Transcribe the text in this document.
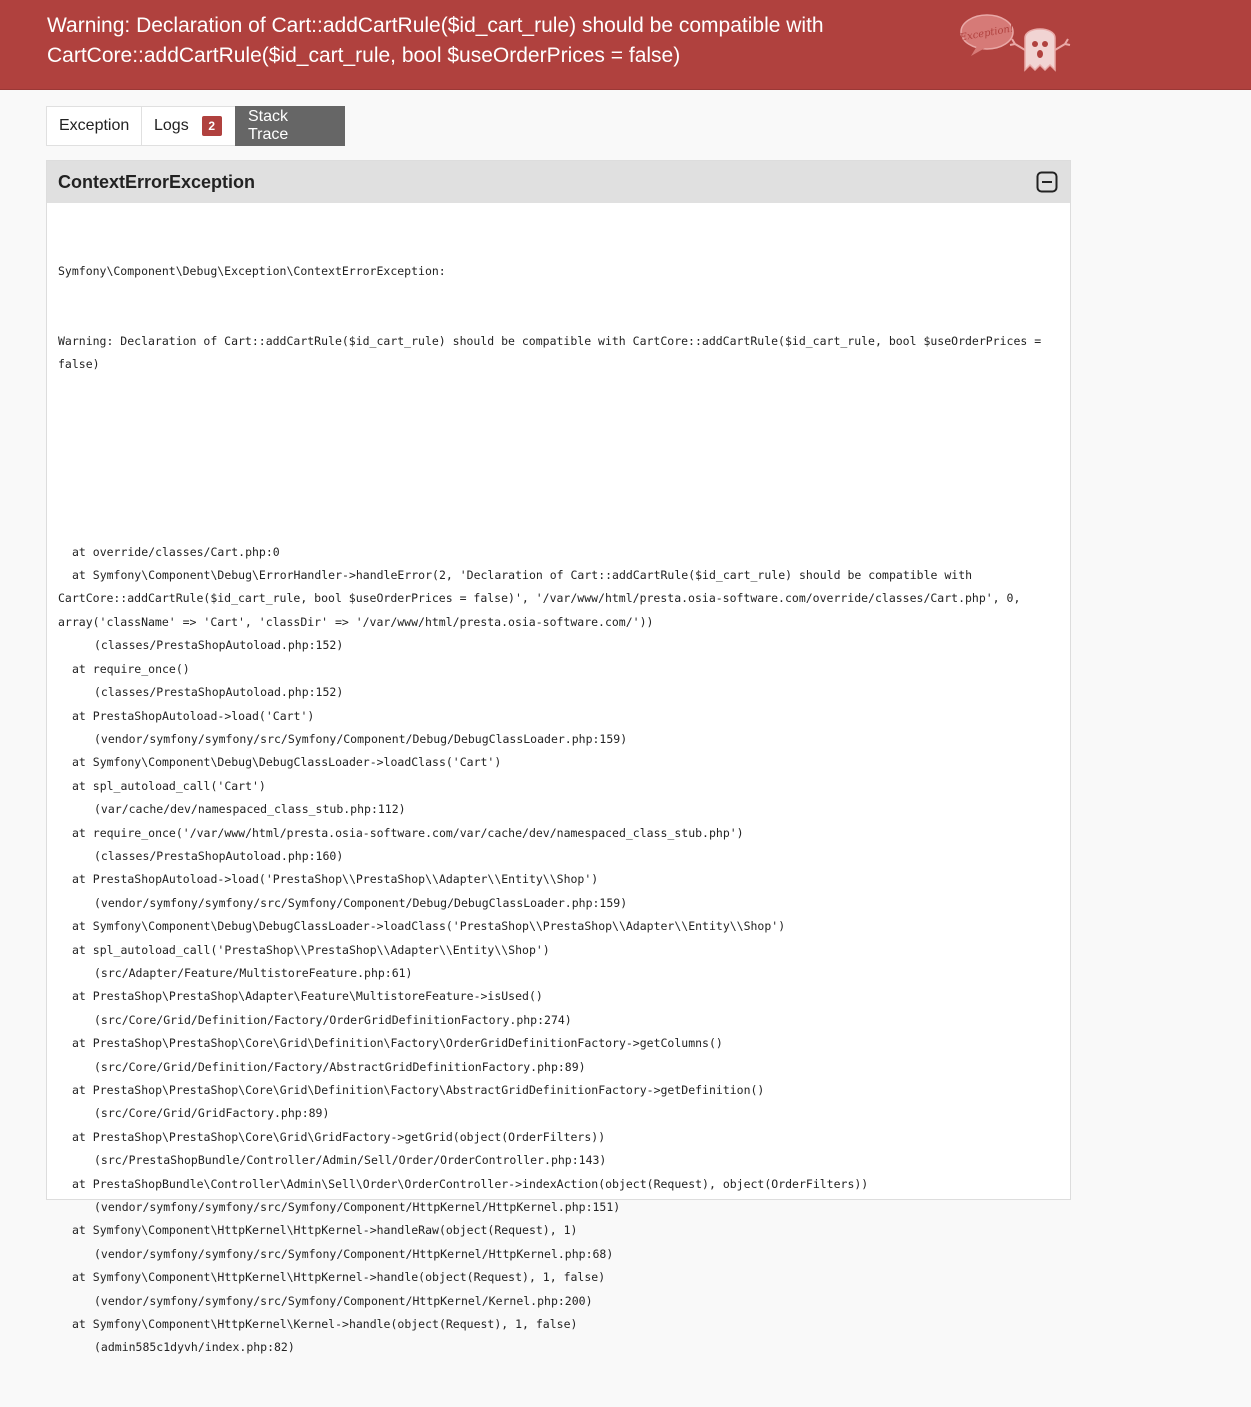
Warning: Declaration of Cart::addCartRule($id_cart_rule) should be compatible with CartCore::addCartRule($id_cart_rule, bool $useOrderPrices = false)
Exception!
Exception Logs	2
Stack Trace
ContextErrorException

Symfony\Component\Debug\Exception\ContextErrorException:

Warning: Declaration of Cart::addCartRule($id_cart_rule) should be compatible with CartCore::addCartRule($id_cart_rule, bool $useOrderPrices = false)

at override/classes/Cart.php:0
at Symfony\Component\Debug\ErrorHandler->handleError(2, 'Declaration of Cart::addCartRule($id_cart_rule) should be compatible with CartCore::addCartRule($id_cart_rule, bool $useOrderPrices = false)', '/var/www/html/presta.osia-software.com/override/classes/Cart.php', 0, array('className' => 'Cart', 'classDir' => '/var/www/html/presta.osia-software.com/'))
(classes/PrestaShopAutoload.php:152)
at require_once()
(classes/PrestaShopAutoload.php:152)
at PrestaShopAutoload->load('Cart')
(vendor/symfony/symfony/src/Symfony/Component/Debug/DebugClassLoader.php:159)
at Symfony\Component\Debug\DebugClassLoader->loadClass('Cart')
at spl_autoload_call('Cart')
(var/cache/dev/namespaced_class_stub.php:112)
at require_once('/var/www/html/presta.osia-software.com/var/cache/dev/namespaced_class_stub.php')
(classes/PrestaShopAutoload.php:160)
at PrestaShopAutoload->load('PrestaShop\\PrestaShop\\Adapter\\Entity\\Shop')
(vendor/symfony/symfony/src/Symfony/Component/Debug/DebugClassLoader.php:159)
at Symfony\Component\Debug\DebugClassLoader->loadClass('PrestaShop\\PrestaShop\\Adapter\\Entity\\Shop')
at spl_autoload_call('PrestaShop\\PrestaShop\\Adapter\\Entity\\Shop')
(src/Adapter/Feature/MultistoreFeature.php:61)
at PrestaShop\PrestaShop\Adapter\Feature\MultistoreFeature->isUsed()
(src/Core/Grid/Definition/Factory/OrderGridDefinitionFactory.php:274)
at PrestaShop\PrestaShop\Core\Grid\Definition\Factory\OrderGridDefinitionFactory->getColumns()
(src/Core/Grid/Definition/Factory/AbstractGridDefinitionFactory.php:89)
at PrestaShop\PrestaShop\Core\Grid\Definition\Factory\AbstractGridDefinitionFactory->getDefinition()
(src/Core/Grid/GridFactory.php:89)
at PrestaShop\PrestaShop\Core\Grid\GridFactory->getGrid(object(OrderFilters))
(src/PrestaShopBundle/Controller/Admin/Sell/Order/OrderController.php:143)
at PrestaShopBundle\Controller\Admin\Sell\Order\OrderController->indexAction(object(Request), object(OrderFilters))
(vendor/symfony/symfony/src/Symfony/Component/HttpKernel/HttpKernel.php:151)
at Symfony\Component\HttpKernel\HttpKernel->handleRaw(object(Request), 1)
(vendor/symfony/symfony/src/Symfony/Component/HttpKernel/HttpKernel.php:68)
at Symfony\Component\HttpKernel\HttpKernel->handle(object(Request), 1, false)
(vendor/symfony/symfony/src/Symfony/Component/HttpKernel/Kernel.php:200)
at Symfony\Component\HttpKernel\Kernel->handle(object(Request), 1, false)
(admin585c1dyvh/index.php:82)
